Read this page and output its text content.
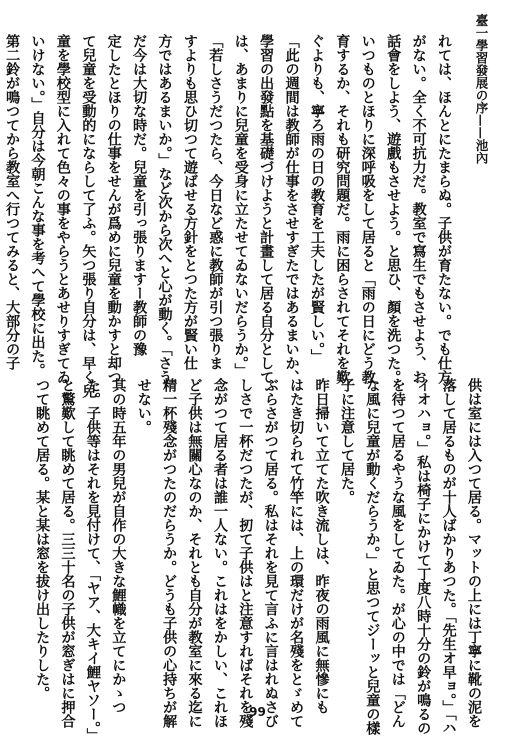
臺一學習發展の序——池內
れては、ほんとにたまらぬ。子供が育たない。でも仕方
がない。全く不可抗力だ。教室で寫生でもさせよう、お
話會をしよう、遊戲もさせよう。と思ひ、顏を洗つた。
いつものとほりに深呼吸をして居ると「雨の日にどう教
育するか、それも研究問題だ。雨に困らされてそれを歎
ぐよりも、寧ろ雨の日の教育を工夫したが賢しい。」
「此の週間は教師が仕事をさせすぎたではあるまいか、
學習の出發點を基礎づけようと計畫して居る自分として
は、あまりに兒童を受身に立たせてゐないだらうか。」
「若しさうだつたら、今日など惑に教師が引つ張りま
すよりも思ひ切つて遊ばせる方針をとつた方が賢い仕
方ではあるまいか。」など次から次へと心が動く。「さう
だ今は大切な時だ。兒童を引っ張りますー教師の豫
定したとほりの仕事をせんが爲めに兒童を動かすと却つ
て兒童を受動的にならして了ふ。矢つ張り自分は、早く兒
童を學校型に入れて色々の事をやらうとあせりすぎてゐ
いけない。」自分は今朝こんな事を考へて學校に出た。
第二鈴が鳴つてから教室へ行つてみると、大部分の子
供は室には入つて居る。マットの上には丁寧に靴の泥を
落して居るものが十人ばかりあつた。「先生オ早ョ。」「ハ
イオハョ。」私は椅子にかけて丁度八時十分の鈴が鳴るの
を待つて居るやうな風をしてゐた。が心の中では「どん
な風に兒童が動くだらうか。」と思つてジーッと兒童の樣
子に注意して居た。
昨日掃いて立てた吹き流しは、昨夜の雨風に無慘にも
はたき切られて竹竿には、上の環だけが名殘をとゞめて
ぶらさがつて居る。私はそれを見て言ふに言はれぬさび
しさで一杯だつたが、扨て子供はと注意すればそれを殘
念がつて居る者は誰一人ない。これはをかしい、これほ
ど子供は無關心なのか、それとも自分が教室に來る迄に
精一杯殘念がつたのだらうか。どうも子供の心持ちが解
せない。
其の時五年の男兒が自作の大きな鯉幟を立てにかゝつ
た。子供等はそれを見付けて、「ヤア、大キイ鯉ヤソー。」
と驚歎して眺めて居る。三三十名の子供が窓ぎはに押合
つて眺めて居る。某と某は窓を拔け出したりした。
99
